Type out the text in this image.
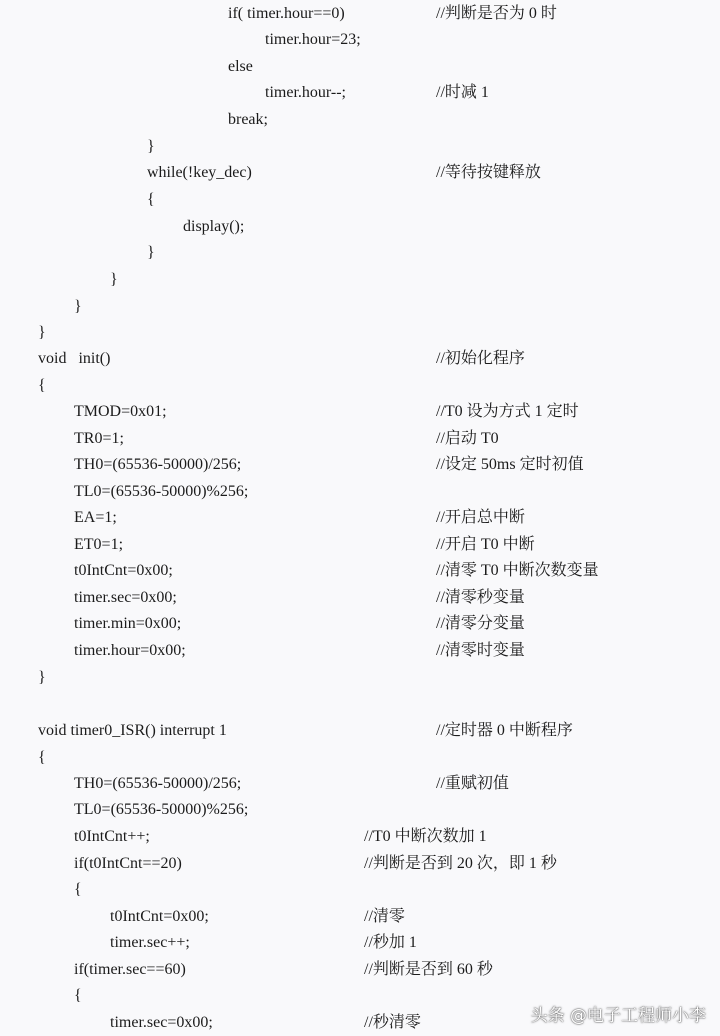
if( timer.hour==0)	//判断是否为 0 时
timer.hour=23;
else
timer.hour--;	//时减 1
break;
}
while(!key_dec)	//等待按键释放
{
display();
}
}
}
}
void   init()	//初始化程序
{
TMOD=0x01;	//T0 设为方式 1 定时
TR0=1;	//启动 T0
TH0=(65536-50000)/256;	//设定 50ms 定时初值
TL0=(65536-50000)%256;
EA=1;	//开启总中断
ET0=1;	//开启 T0 中断
t0IntCnt=0x00;	//清零 T0 中断次数变量
timer.sec=0x00;	//清零秒变量
timer.min=0x00;	//清零分变量
timer.hour=0x00;	//清零时变量
}
void timer0_ISR() interrupt 1	//定时器 0 中断程序
{
TH0=(65536-50000)/256;	//重赋初值
TL0=(65536-50000)%256;
t0IntCnt++;	//T0 中断次数加 1
if(t0IntCnt==20)	//判断是否到 20 次，即 1 秒
{
t0IntCnt=0x00;	//清零
timer.sec++;	//秒加 1
if(timer.sec==60)	//判断是否到 60 秒
{
timer.sec=0x00;	//秒清零	头条 @电子工程师小李
